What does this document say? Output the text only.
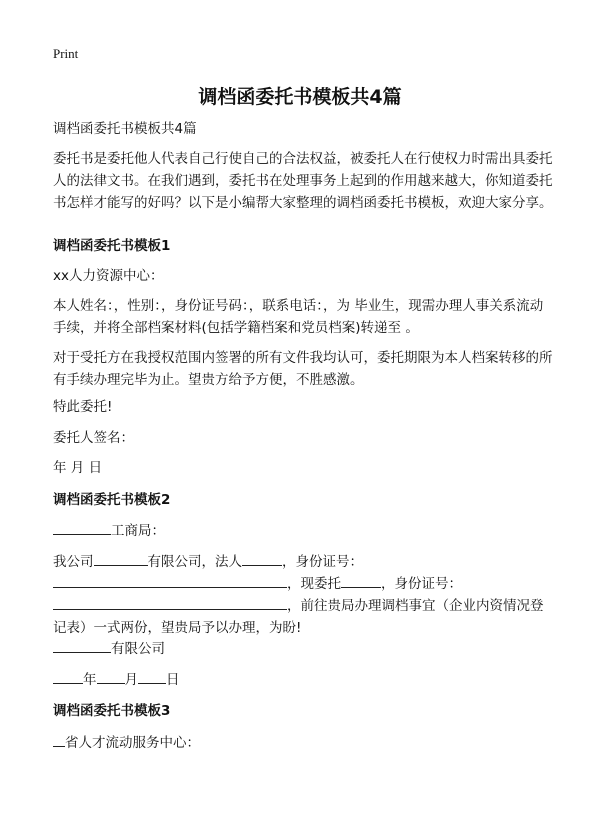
Print
调档函委托书模板共4篇

调档函委托书模板共4篇

委托书是委托他人代表自己行使自己的合法权益，被委托人在行使权力时需出具委托人的法律文书。在我们遇到，委托书在处理事务上起到的作用越来越大，你知道委托书怎样才能写的好吗？以下是小编帮大家整理的调档函委托书模板，欢迎大家分享。

调档函委托书模板1

xx人力资源中心：

本人姓名：，性别：，身份证号码：，联系电话：，为 毕业生，现需办理人事关系流动手续，并将全部档案材料(包括学籍档案和党员档案)转递至 。

对于受托方在我授权范围内签署的所有文件我均认可，委托期限为本人档案转移的所有手续办理完毕为止。望贵方给予方便，不胜感激。

特此委托!

委托人签名：

年 月 日

调档函委托书模板2

工商局：

我公司	有限公司，法人	，身份证号：

，现委托	，身份证号：

，前往贵局办理调档事宜（企业内资情况登记表）一式两份，望贵局予以办理，为盼!

有限公司

年 月 日

调档函委托书模板3

省人才流动服务中心：
